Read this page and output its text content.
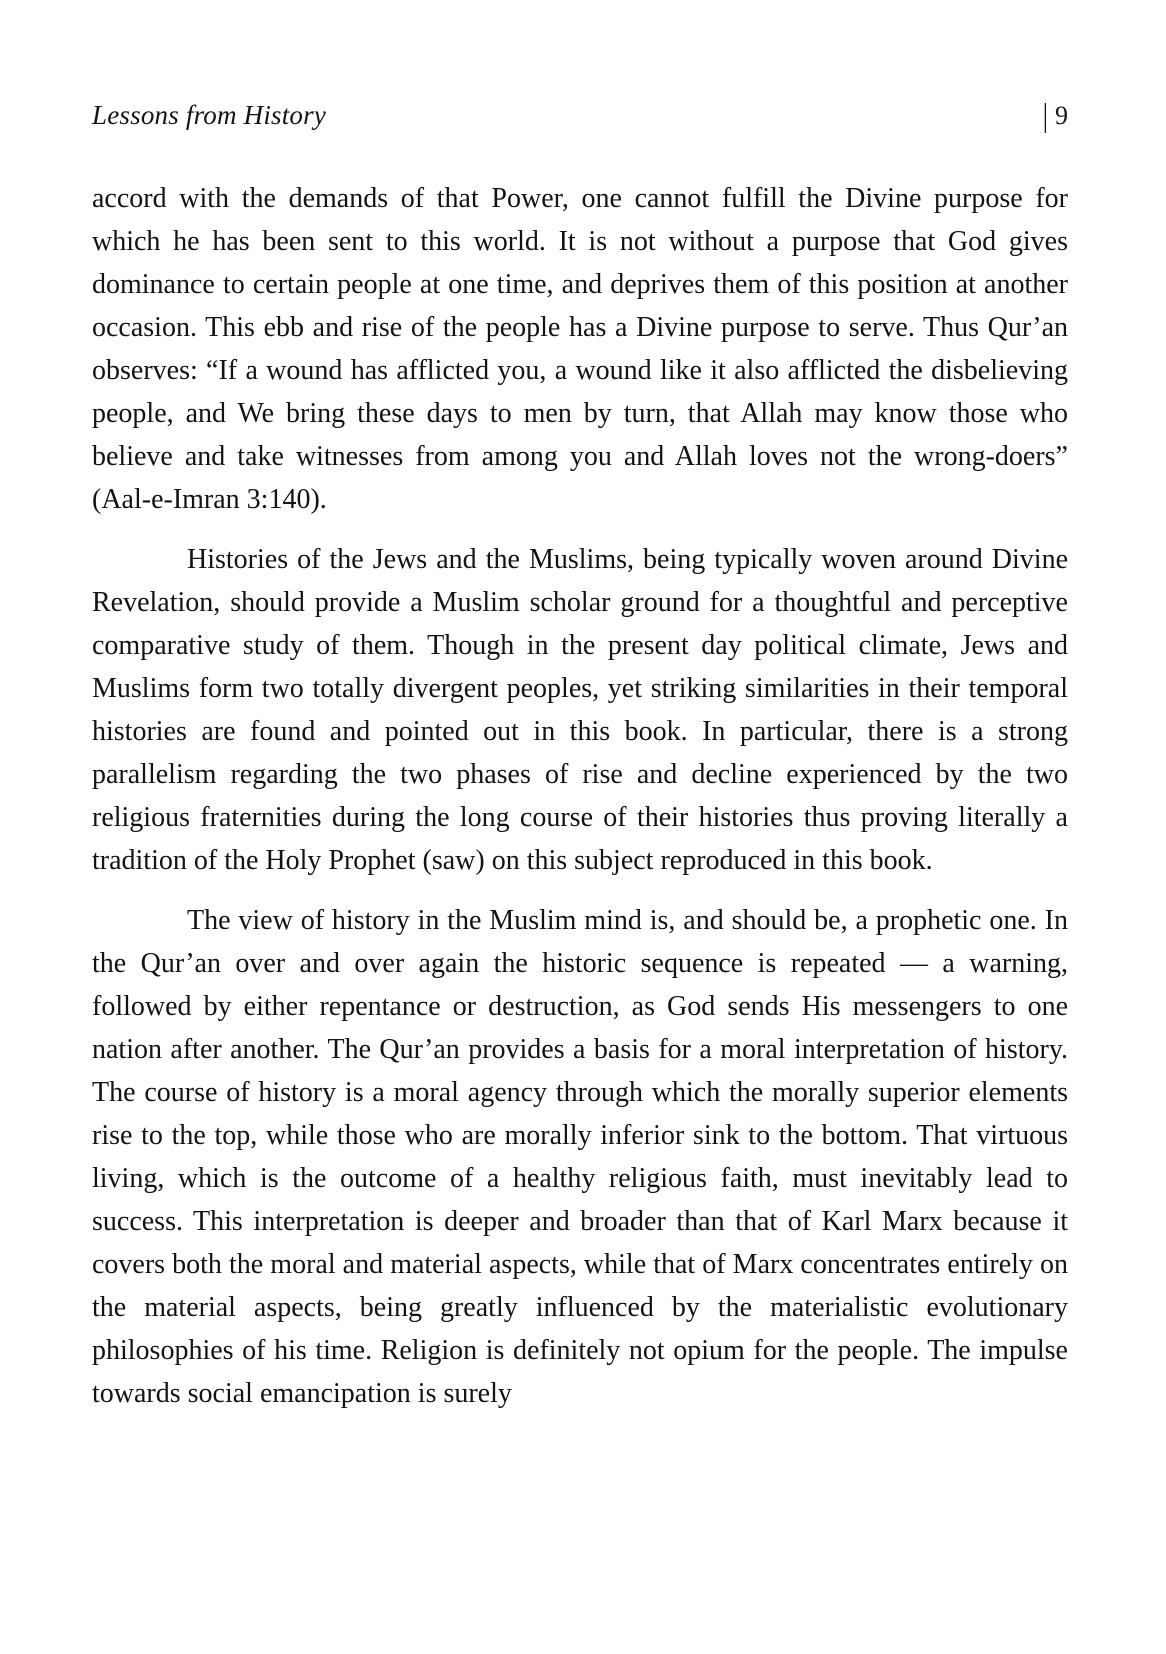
Lessons from History	| 9

accord with the demands of that Power, one cannot fulfill the Divine purpose for which he has been sent to this world. It is not without a purpose that God gives dominance to certain people at one time, and deprives them of this position at another occasion. This ebb and rise of the people has a Divine purpose to serve. Thus Qur’an observes: “If a wound has afflicted you, a wound like it also afflicted the disbelieving people, and We bring these days to men by turn, that Allah may know those who believe and take witnesses from among you and Allah loves not the wrong-doers” (Aal-e-Imran 3:140).

Histories of the Jews and the Muslims, being typically woven around Divine Revelation, should provide a Muslim scholar ground for a thoughtful and perceptive comparative study of them. Though in the present day political climate, Jews and Muslims form two totally divergent peoples, yet striking similarities in their temporal histories are found and pointed out in this book. In particular, there is a strong parallelism regarding the two phases of rise and decline experienced by the two religious fraternities during the long course of their histories thus proving literally a tradition of the Holy Prophet (saw) on this subject reproduced in this book.

The view of history in the Muslim mind is, and should be, a prophetic one. In the Qur’an over and over again the historic sequence is repeated — a warning, followed by either repentance or destruction, as God sends His messengers to one nation after another. The Qur’an provides a basis for a moral interpretation of history. The course of history is a moral agency through which the morally superior elements rise to the top, while those who are morally inferior sink to the bottom. That virtuous living, which is the outcome of a healthy religious faith, must inevitably lead to success. This interpretation is deeper and broader than that of Karl Marx because it covers both the moral and material aspects, while that of Marx concentrates entirely on the material aspects, being greatly influenced by the materialistic evolutionary philosophies of his time. Religion is definitely not opium for the people. The impulse towards social emancipation is surely
